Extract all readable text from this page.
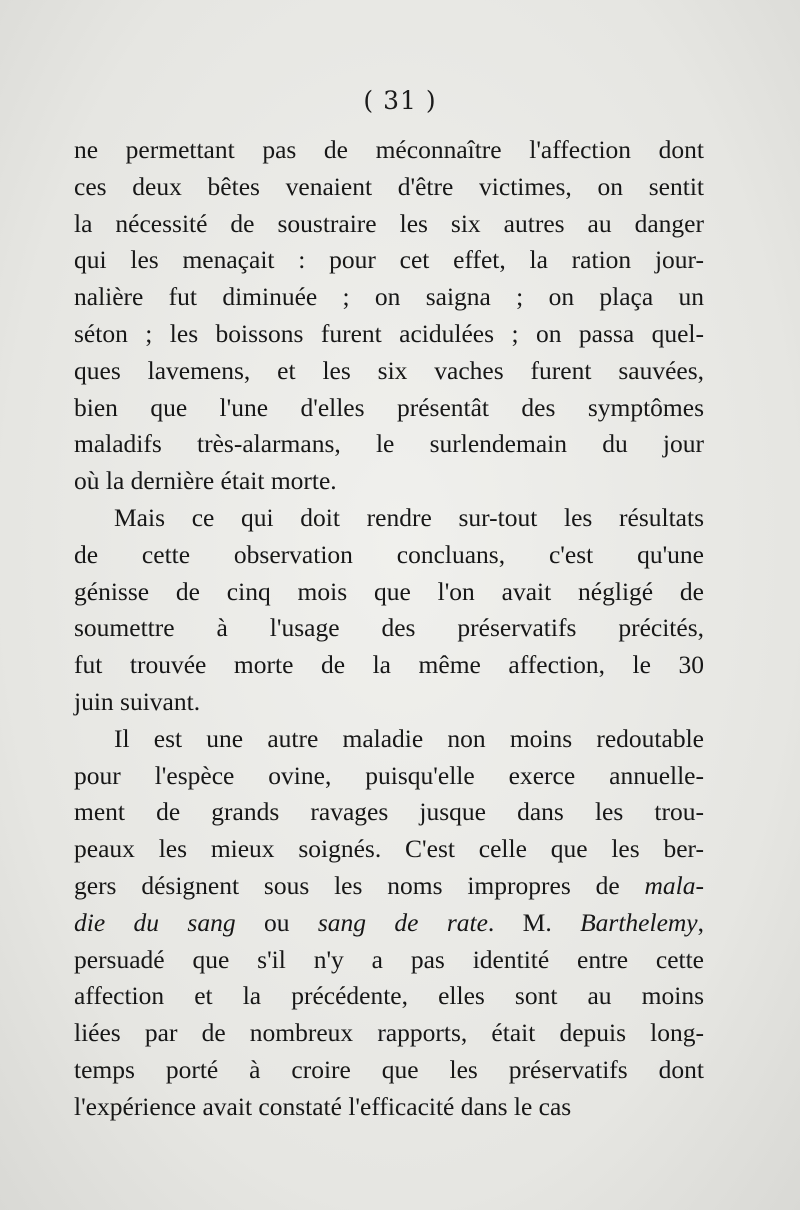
( 31 )
ne permettant pas de méconnaître l'affection dont
ces deux bêtes venaient d'être victimes, on sentit
la nécessité de soustraire les six autres au danger
qui les menaçait : pour cet effet, la ration jour-
nalière fut diminuée ; on saigna ; on plaça un
séton ; les boissons furent acidulées ; on passa quel-
ques lavemens, et les six vaches furent sauvées,
bien que l'une d'elles présentât des symptômes
maladifs très-alarmans, le surlendemain du jour
où la dernière était morte.
Mais ce qui doit rendre sur-tout les résultats
de cette observation concluans, c'est qu'une
génisse de cinq mois que l'on avait négligé de
soumettre à l'usage des préservatifs précités,
fut trouvée morte de la même affection, le 30
juin suivant.
Il est une autre maladie non moins redoutable
pour l'espèce ovine, puisqu'elle exerce annuelle-
ment de grands ravages jusque dans les trou-
peaux les mieux soignés. C'est celle que les ber-
gers désignent sous les noms impropres de mala-
die du sang ou sang de rate. M. Barthelemy,
persuadé que s'il n'y a pas identité entre cette
affection et la précédente, elles sont au moins
liées par de nombreux rapports, était depuis long-
temps porté à croire que les préservatifs dont
l'expérience avait constaté l'efficacité dans le cas
